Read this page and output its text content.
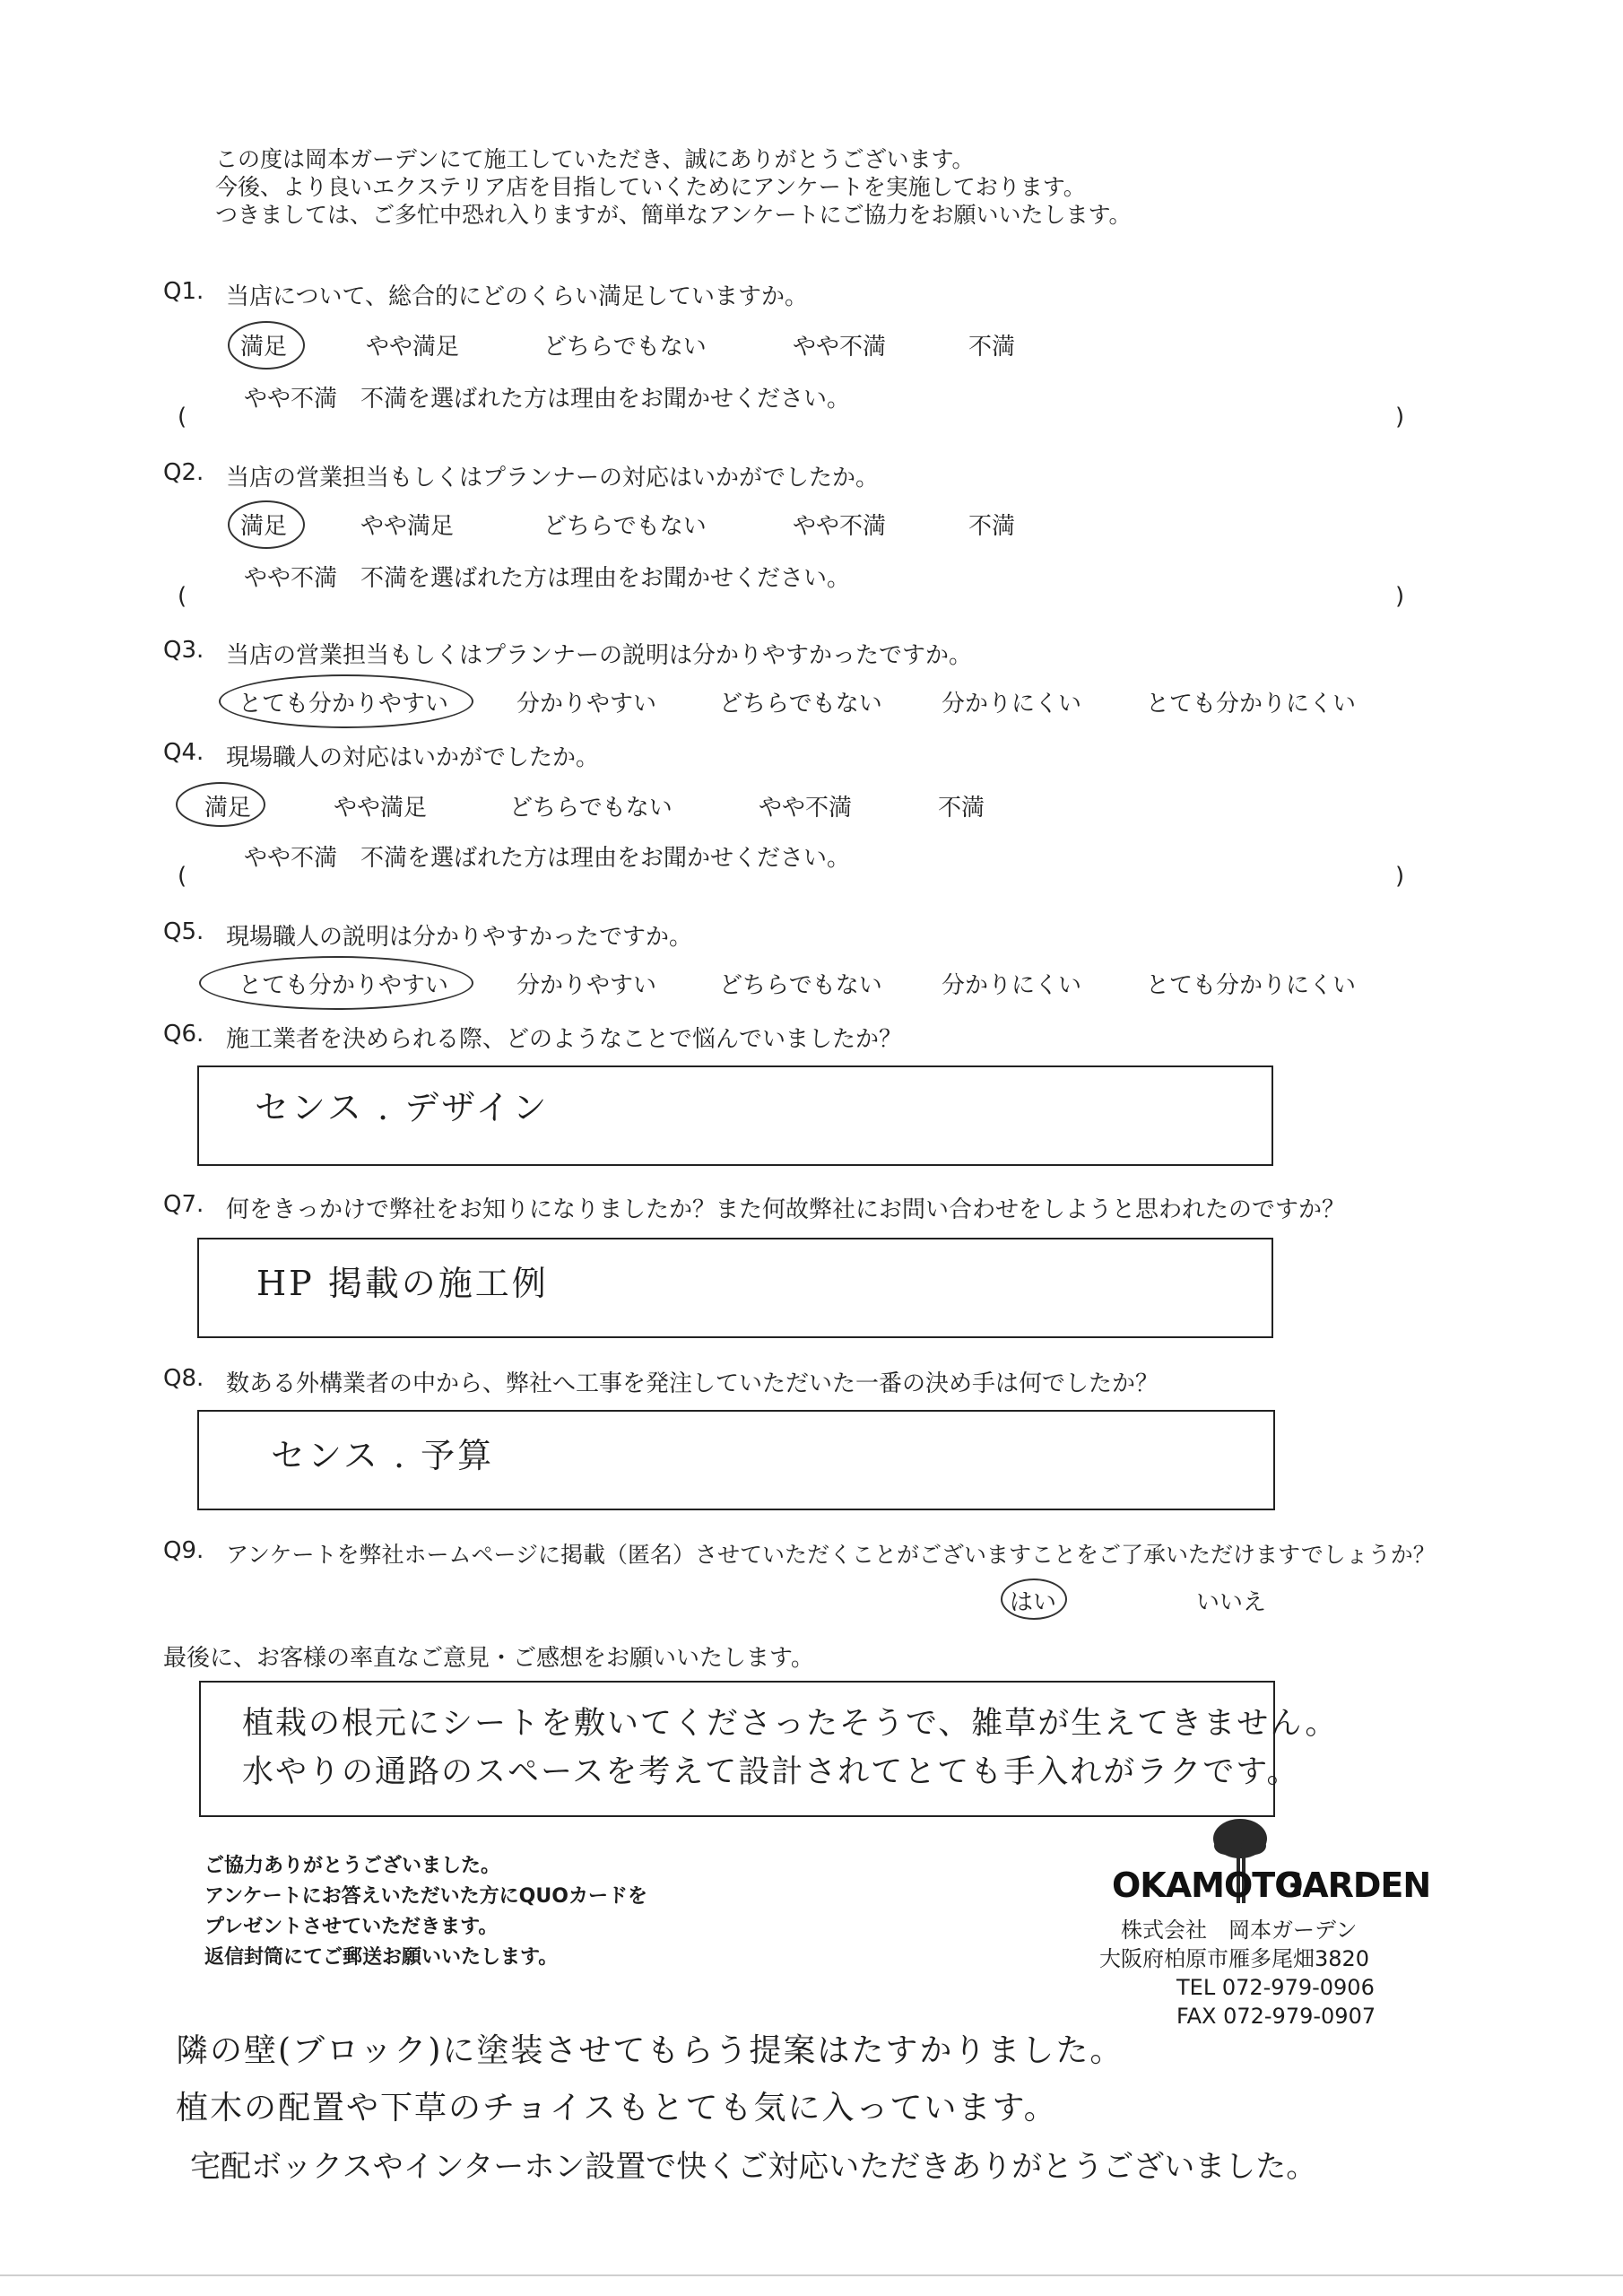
この度は岡本ガーデンにて施工していただき、誠にありがとうございます。
今後、より良いエクステリア店を目指していくためにアンケートを実施しております。
つきましては、ご多忙中恐れ入りますが、簡単なアンケートにご協力をお願いいたします。
Q1. 当店について、総合的にどのくらい満足していますか。
満足	やや満足	どちらでもない	やや不満	不満
やや不満　不満を選ばれた方は理由をお聞かせください。
(	)
Q2. 当店の営業担当もしくはプランナーの対応はいかがでしたか。
満足	やや満足	どちらでもない	やや不満	不満
やや不満　不満を選ばれた方は理由をお聞かせください。
(	)
Q3. 当店の営業担当もしくはプランナーの説明は分かりやすかったですか。
とても分かりやすい	分かりやすい	どちらでもない	分かりにくい	とても分かりにくい
Q4. 現場職人の対応はいかがでしたか。
満足	やや満足	どちらでもない	やや不満	不満
やや不満　不満を選ばれた方は理由をお聞かせください。
(	)
Q5. 現場職人の説明は分かりやすかったですか。
とても分かりやすい	分かりやすい	どちらでもない	分かりにくい	とても分かりにくい
Q6. 施工業者を決められる際、どのようなことで悩んでいましたか？
センス . デザイン
Q7. 何をきっかけで弊社をお知りになりましたか？また何故弊社にお問い合わせをしようと思われたのですか？
HP 掲載の施工例
Q8. 数ある外構業者の中から、弊社へ工事を発注していただいた一番の決め手は何でしたか？
センス . 予算
Q9. アンケートを弊社ホームページに掲載（匿名）させていただくことがございますことをご了承いただけますでしょうか？
はい	いいえ
最後に、お客様の率直なご意見・ご感想をお願いいたします。
植栽の根元にシートを敷いてくださったそうで、雑草が生えてきません。
水やりの通路のスペースを考えて設計されてとても手入れがラクです。
ご協力ありがとうございました。
アンケートにお答えいただいた方にQUOカードを
プレゼントさせていただきます。
返信封筒にてご郵送お願いいたします。
OKAMOTO
GARDEN
株式会社　岡本ガーデン
大阪府柏原市雁多尾畑3820
TEL 072-979-0906
FAX 072-979-0907
隣の壁(ブロック)に塗装させてもらう提案はたすかりました。
植木の配置や下草のチョイスもとても気に入っています。
宅配ボックスやインターホン設置で快くご対応いただきありがとうございました。
